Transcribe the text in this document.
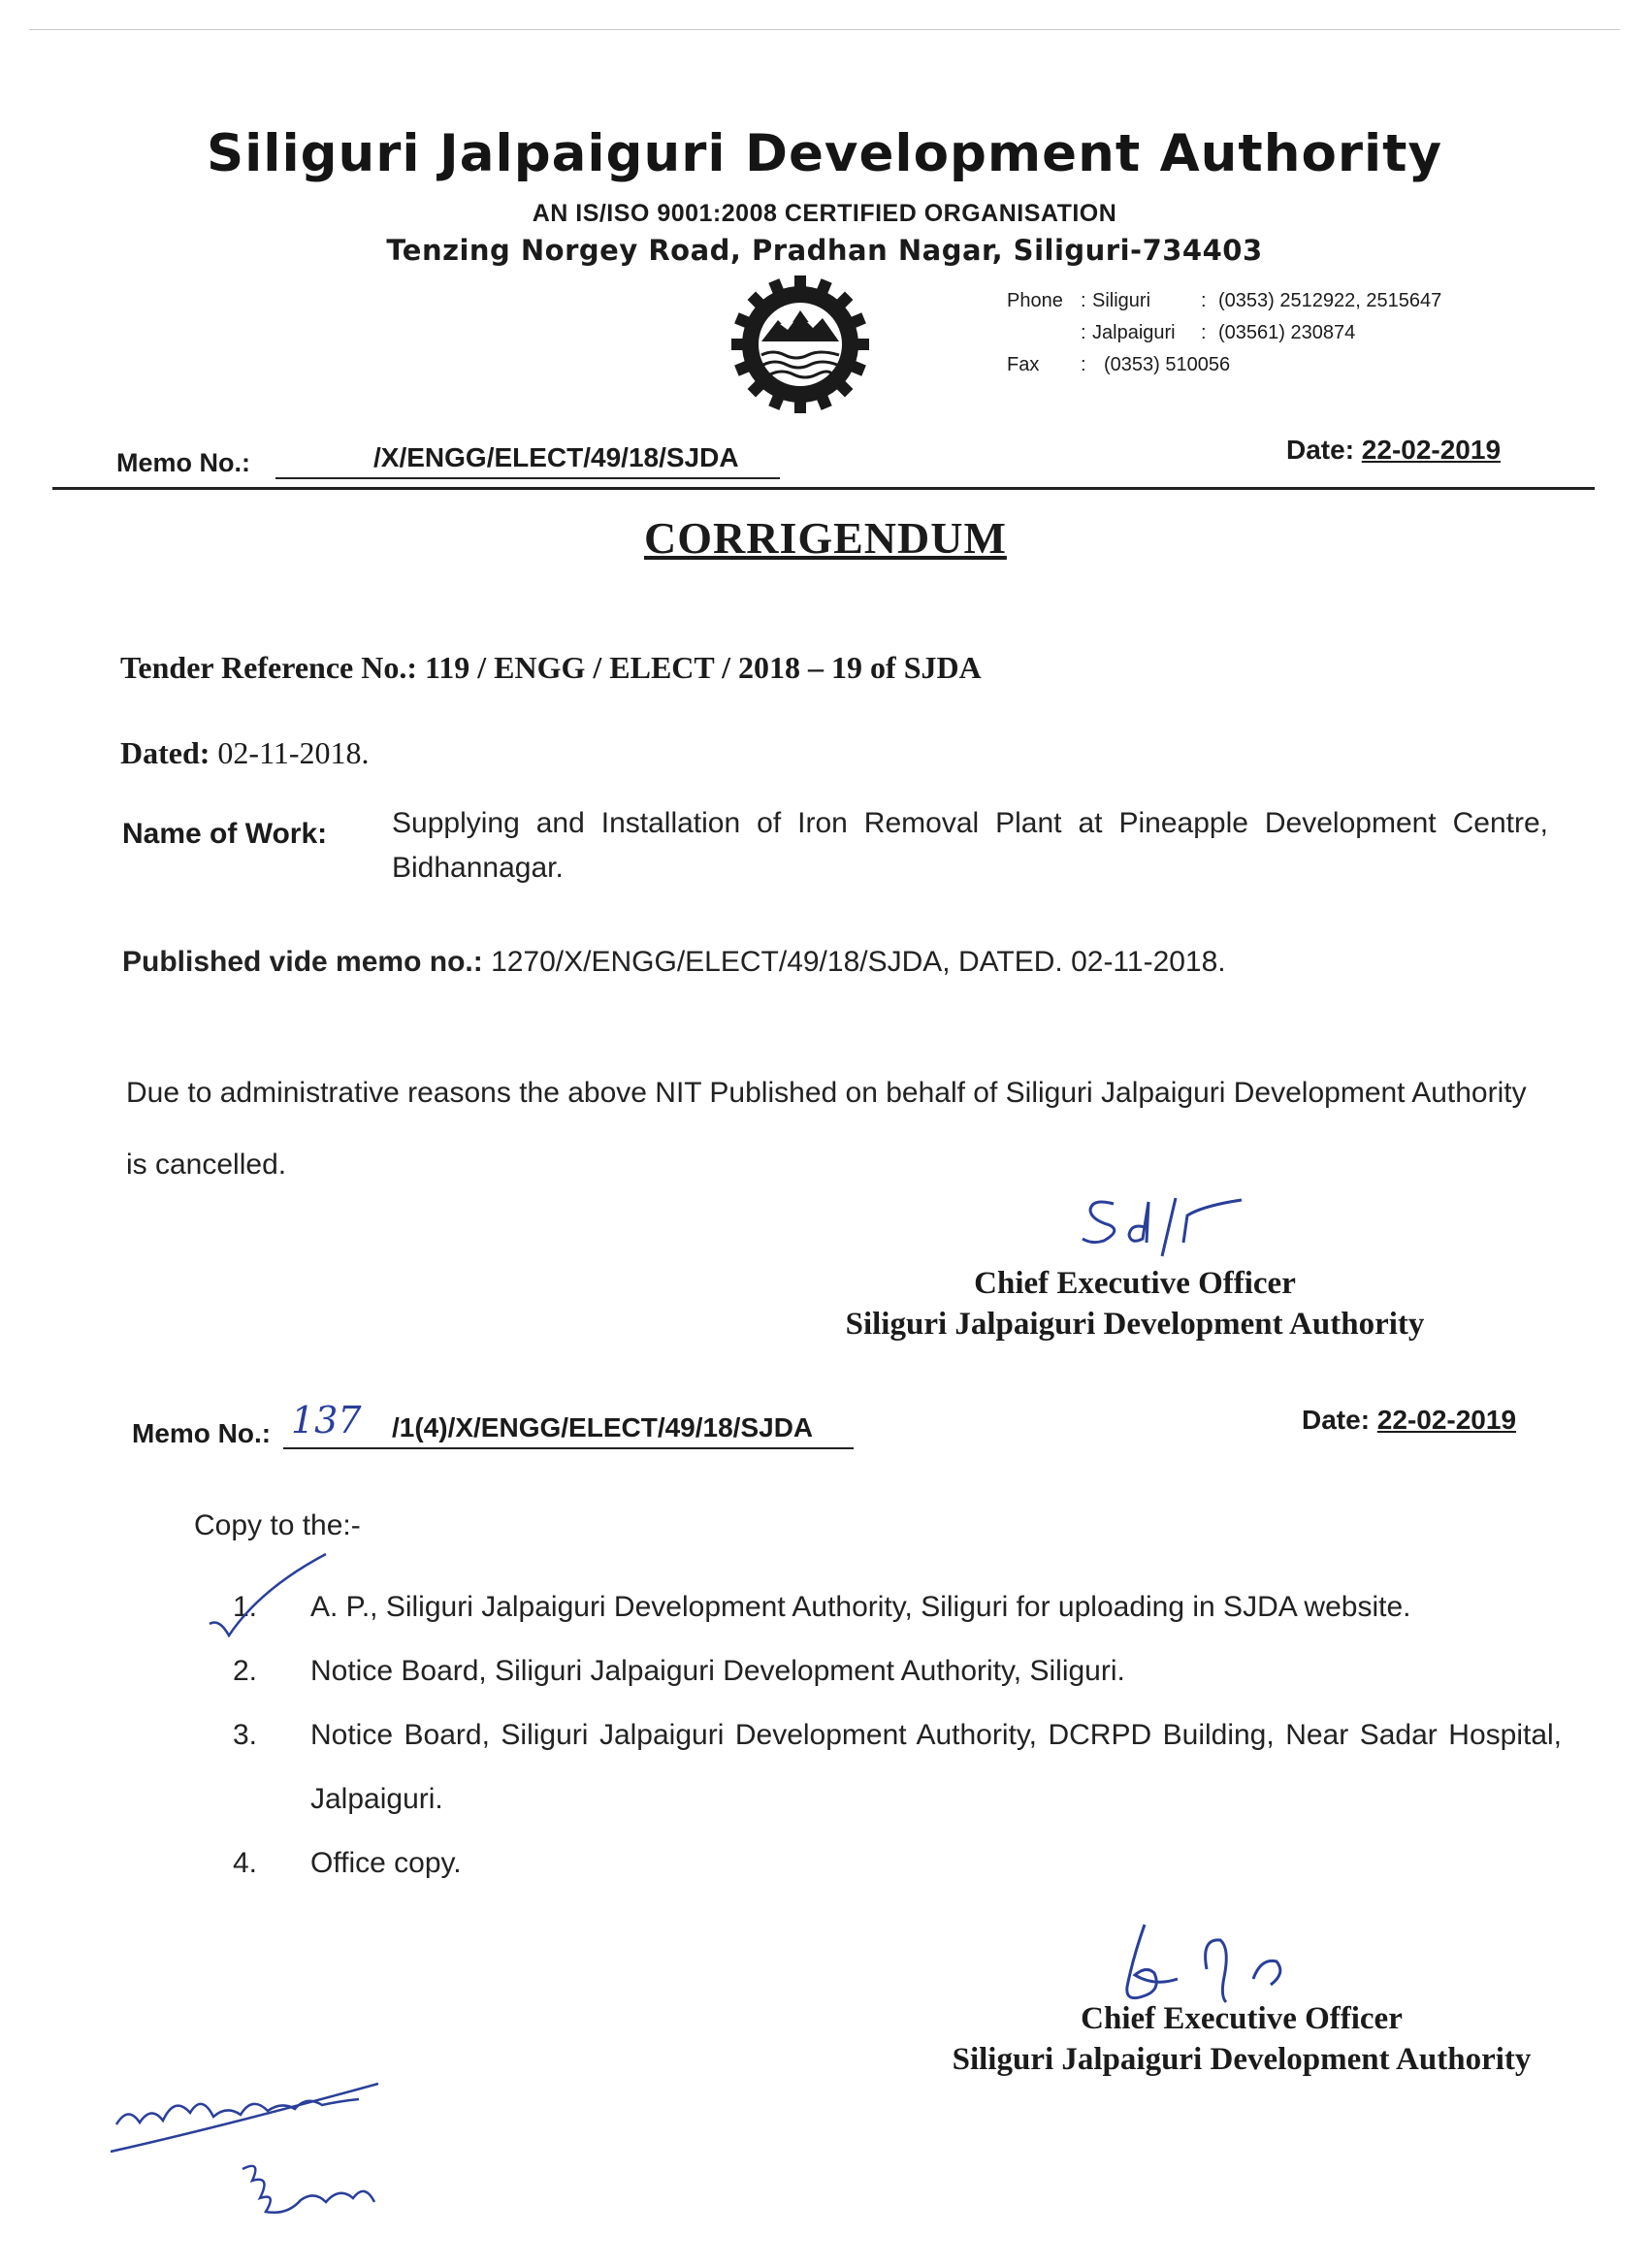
Siliguri Jalpaiguri Development Authority
AN IS/ISO 9001:2008 CERTIFIED ORGANISATION
Tenzing Norgey Road, Pradhan Nagar, Siliguri-734403
Phone : Siliguri	: (0353) 2512922, 2515647
: Jalpaiguri : (03561) 230874
Fax : (0353) 510056
Memo No.:	/X/ENGG/ELECT/49/18/SJDA	Date: 22-02-2019
CORRIGENDUM
Tender Reference No.: 119 / ENGG / ELECT / 2018 – 19 of SJDA
Dated: 02-11-2018.
Name of Work: Supplying and Installation of Iron Removal Plant at Pineapple Development Centre, Bidhannagar.
Published vide memo no.: 1270/X/ENGG/ELECT/49/18/SJDA, DATED. 02-11-2018.
Due to administrative reasons the above NIT Published on behalf of Siliguri Jalpaiguri Development Authority is cancelled.
Chief Executive Officer
Siliguri Jalpaiguri Development Authority
Memo No.: 137 /1(4)/X/ENGG/ELECT/49/18/SJDA	Date: 22-02-2019
Copy to the:-
1. A. P., Siliguri Jalpaiguri Development Authority, Siliguri for uploading in SJDA website.
2. Notice Board, Siliguri Jalpaiguri Development Authority, Siliguri.
3. Notice Board, Siliguri Jalpaiguri Development Authority, DCRPD Building, Near Sadar Hospital, Jalpaiguri.
4. Office copy.
Chief Executive Officer
Siliguri Jalpaiguri Development Authority
